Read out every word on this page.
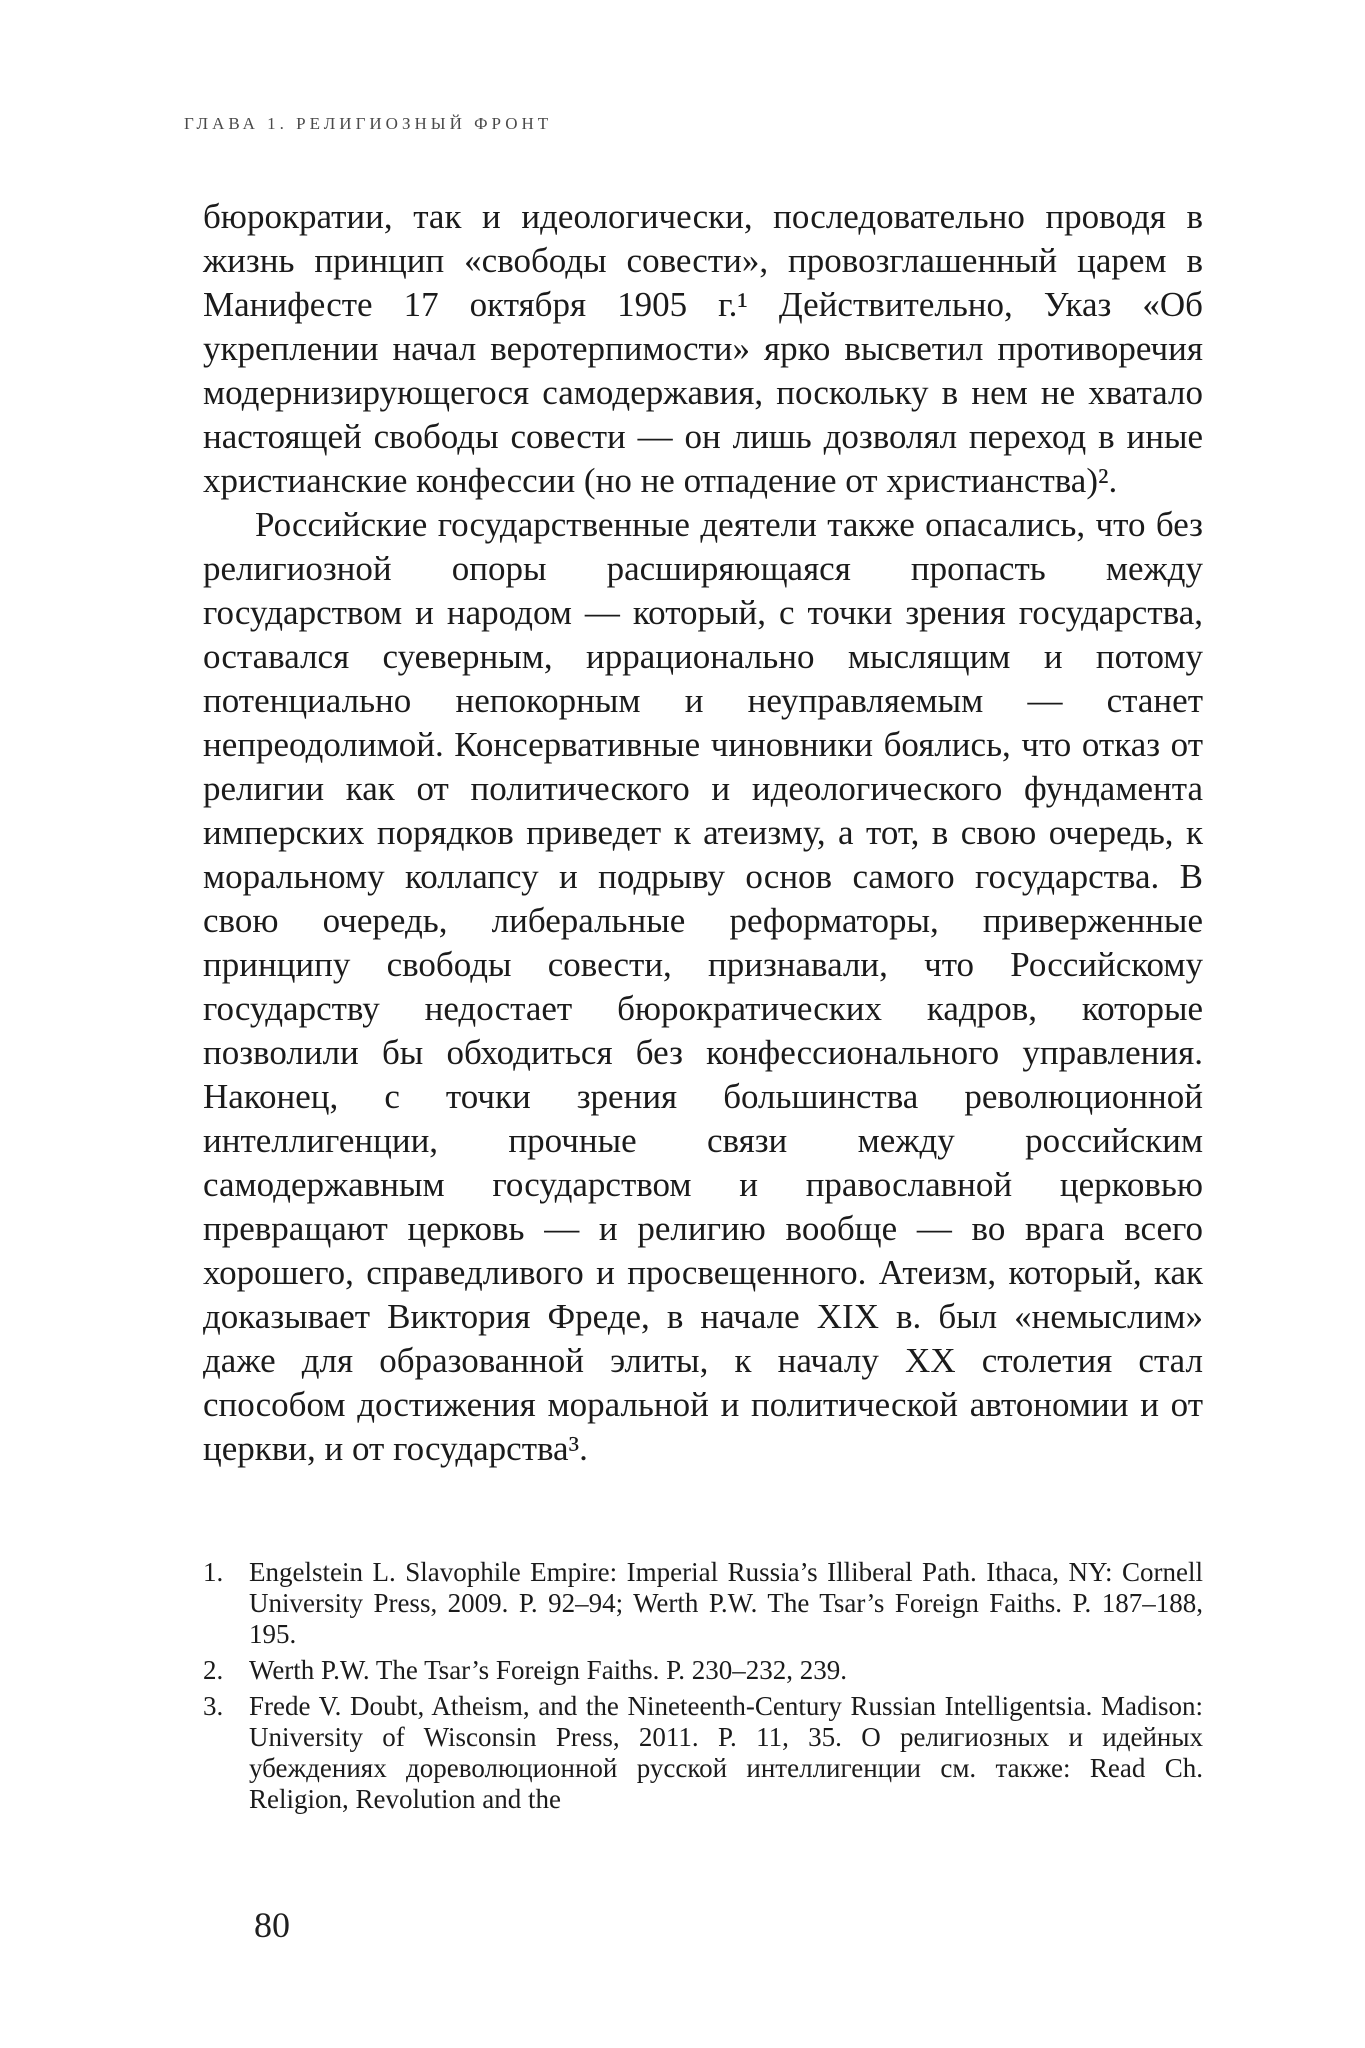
ГЛАВА 1. РЕЛИГИОЗНЫЙ ФРОНТ

бюрократии, так и идеологически, последовательно проводя в жизнь принцип «свободы совести», провозглашенный царем в Манифесте 17 октября 1905 г.¹ Действительно, Указ «Об укреплении начал веротерпимости» ярко высветил противоречия модернизирующегося самодержавия, поскольку в нем не хватало настоящей свободы совести — он лишь дозволял переход в иные христианские конфессии (но не отпадение от христианства)².

Российские государственные деятели также опасались, что без религиозной опоры расширяющаяся пропасть между государством и народом — который, с точки зрения государства, оставался суеверным, иррационально мыслящим и потому потенциально непокорным и неуправляемым — станет непреодолимой. Консервативные чиновники боялись, что отказ от религии как от политического и идеологического фундамента имперских порядков приведет к атеизму, а тот, в свою очередь, к моральному коллапсу и подрыву основ самого государства. В свою очередь, либеральные реформаторы, приверженные принципу свободы совести, признавали, что Российскому государству недостает бюрократических кадров, которые позволили бы обходиться без конфессионального управления. Наконец, с точки зрения большинства революционной интеллигенции, прочные связи между российским самодержавным государством и православной церковью превращают церковь — и религию вообще — во врага всего хорошего, справедливого и просвещенного. Атеизм, который, как доказывает Виктория Фреде, в начале XIX в. был «немыслим» даже для образованной элиты, к началу XX столетия стал способом достижения моральной и политической автономии и от церкви, и от государства³.

1. Engelstein L. Slavophile Empire: Imperial Russia’s Illiberal Path. Ithaca, NY: Cornell University Press, 2009. P. 92–94; Werth P.W. The Tsar’s Foreign Faiths. P. 187–188, 195.
2. Werth P.W. The Tsar’s Foreign Faiths. P. 230–232, 239.
3. Frede V. Doubt, Atheism, and the Nineteenth-Century Russian Intelligentsia. Madison: University of Wisconsin Press, 2011. P. 11, 35. О религиозных и идейных убеждениях дореволюционной русской интеллигенции см. также: Read Ch. Religion, Revolution and the
80
